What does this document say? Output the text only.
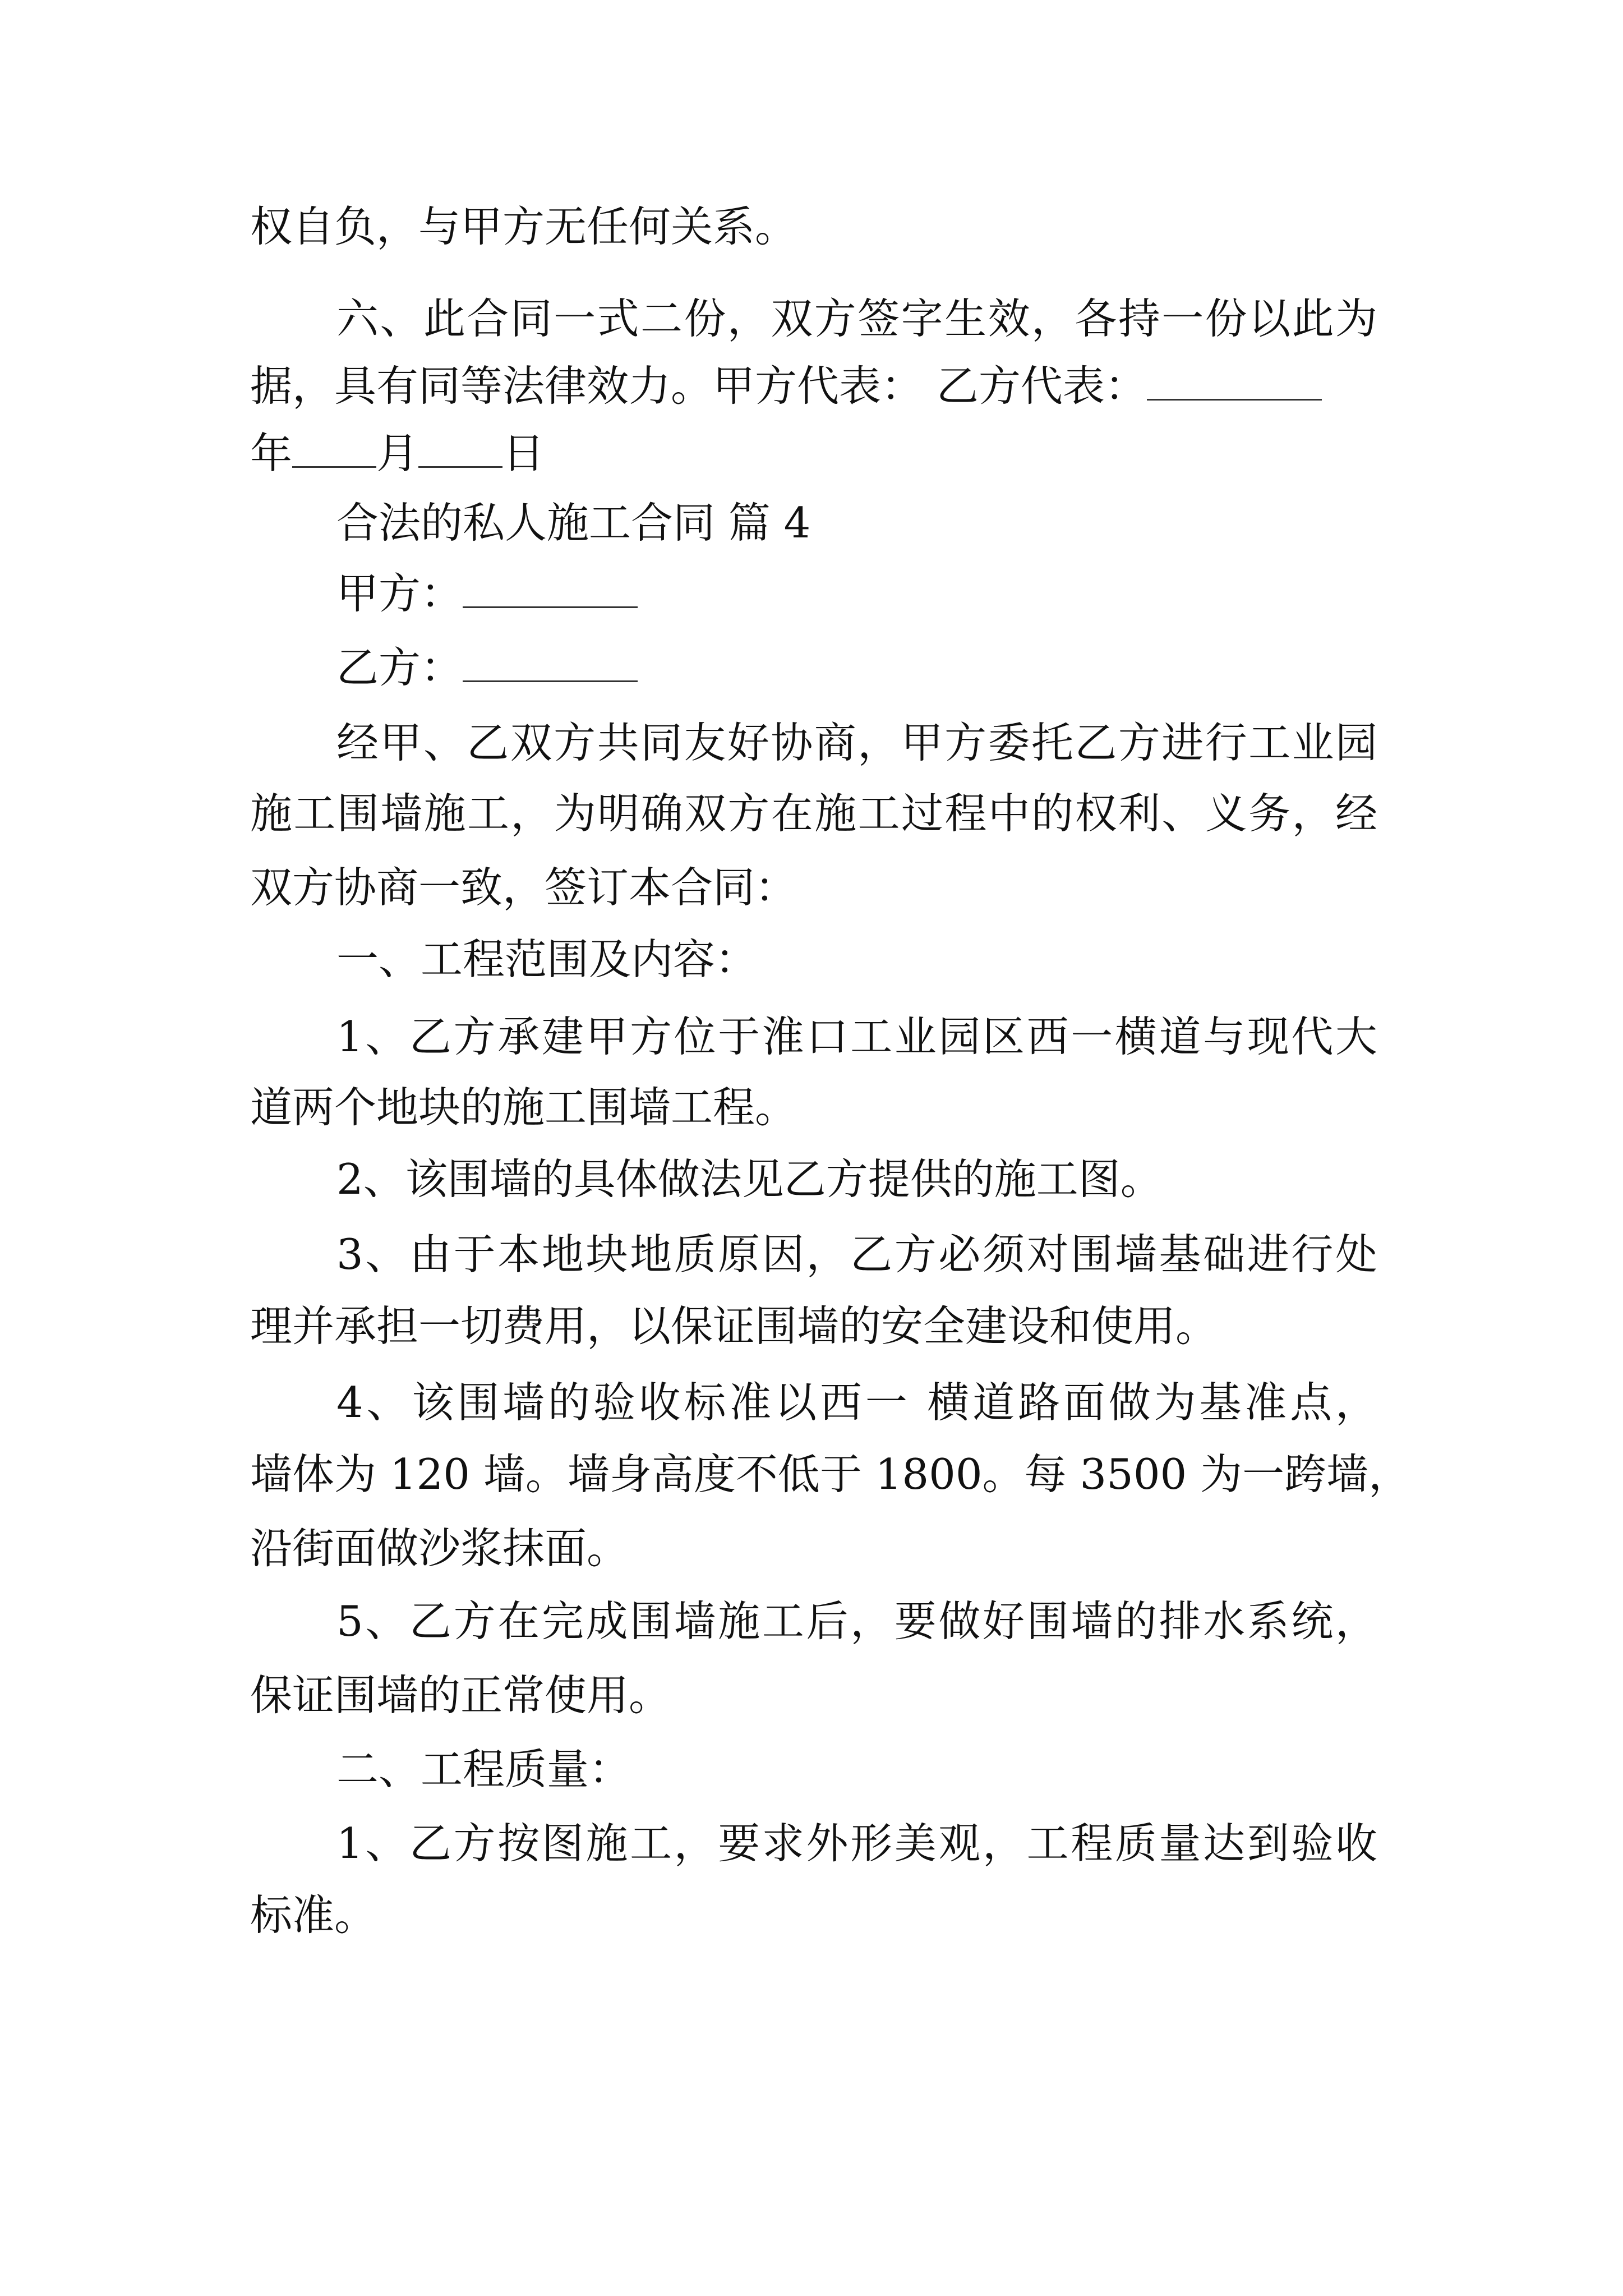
权自负，与甲方无任何关系。
六、此合同一式二份，双方签字生效，各持一份以此为
据，具有同等法律效力。甲方代表： 乙方代表：
年 月 日
合法的私人施工合同 篇 4
甲方：
乙方：
经甲、乙双方共同友好协商，甲方委托乙方进行工业园
施工围墙施工，为明确双方在施工过程中的权利、义务，经
双方协商一致，签订本合同：
一、工程范围及内容：
1、乙方承建甲方位于淮口工业园区西一横道与现代大
道两个地块的施工围墙工程。
2、该围墙的具体做法见乙方提供的施工图。
3、由于本地块地质原因，乙方必须对围墙基础进行处
理并承担一切费用，以保证围墙的安全建设和使用。
4、该围墙的验收标准以西一 横道路面做为基准点，
墙体为 120 墙。墙身高度不低于 1800。每 3500 为一跨墙，
沿街面做沙浆抹面。
5、乙方在完成围墙施工后，要做好围墙的排水系统，
保证围墙的正常使用。
二、工程质量：
1、乙方按图施工，要求外形美观，工程质量达到验收
标准。
